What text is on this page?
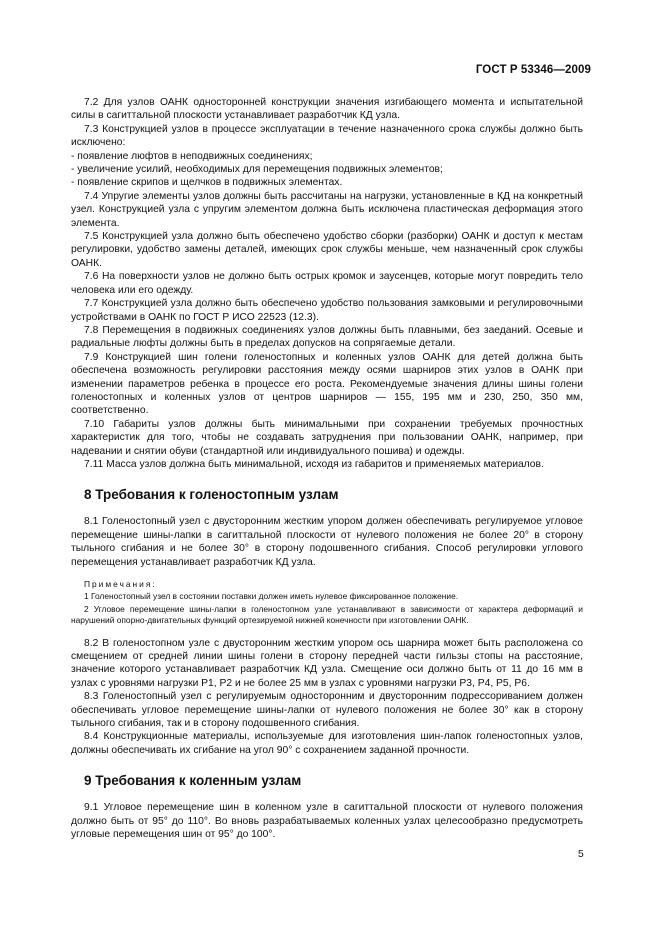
ГОСТ Р 53346—2009

7.2 Для узлов ОАНК односторонней конструкции значения изгибающего момента и испытательной силы в сагиттальной плоскости устанавливает разработчик КД узла.

7.3 Конструкцией узлов в процессе эксплуатации в течение назначенного срока службы должно быть исключено:

- появление люфтов в неподвижных соединениях;

- увеличение усилий, необходимых для перемещения подвижных элементов;

- появление скрипов и щелчков в подвижных элементах.

7.4 Упругие элементы узлов должны быть рассчитаны на нагрузки, установленные в КД на конкретный узел. Конструкцией узла с упругим элементом должна быть исключена пластическая деформация этого элемента.

7.5 Конструкцией узла должно быть обеспечено удобство сборки (разборки) ОАНК и доступ к местам регулировки, удобство замены деталей, имеющих срок службы меньше, чем назначенный срок службы ОАНК.

7.6 На поверхности узлов не должно быть острых кромок и заусенцев, которые могут повредить тело человека или его одежду.

7.7 Конструкцией узла должно быть обеспечено удобство пользования замковыми и регулировочными устройствами в ОАНК по ГОСТ Р ИСО 22523 (12.3).

7.8 Перемещения в подвижных соединениях узлов должны быть плавными, без заеданий. Осевые и радиальные люфты должны быть в пределах допусков на сопрягаемые детали.

7.9 Конструкцией шин голени голеностопных и коленных узлов ОАНК для детей должна быть обеспечена возможность регулировки расстояния между осями шарниров этих узлов в ОАНК при изменении параметров ребенка в процессе его роста. Рекомендуемые значения длины шины голени голеностопных и коленных узлов от центров шарниров — 155, 195 мм и 230, 250, 350 мм, соответственно.

7.10 Габариты узлов должны быть минимальными при сохранении требуемых прочностных характеристик для того, чтобы не создавать затруднения при пользовании ОАНК, например, при надевании и снятии обуви (стандартной или индивидуального пошива) и одежды.

7.11 Масса узлов должна быть минимальной, исходя из габаритов и применяемых материалов.

8 Требования к голеностопным узлам

8.1 Голеностопный узел с двусторонним жестким упором должен обеспечивать регулируемое угловое перемещение шины-лапки в сагиттальной плоскости от нулевого положения не более 20° в сторону тыльного сгибания и не более 30° в сторону подошвенного сгибания. Способ регулировки углового перемещения устанавливает разработчик КД узла.

Примечания:

1 Голеностопный узел в состоянии поставки должен иметь нулевое фиксированное положение.

2 Угловое перемещение шины-лапки в голеностопном узле устанавливают в зависимости от характера деформаций и нарушений опорно-двигательных функций ортезируемой нижней конечности при изготовлении ОАНК.

8.2 В голеностопном узле с двусторонним жестким упором ось шарнира может быть расположена со смещением от средней линии шины голени в сторону передней части гильзы стопы на расстояние, значение которого устанавливает разработчик КД узла. Смещение оси должно быть от 11 до 16 мм в узлах с уровнями нагрузки Р1, Р2 и не более 25 мм в узлах с уровнями нагрузки Р3, Р4, Р5, Р6.

8.3 Голеностопный узел с регулируемым односторонним и двусторонним подрессориванием должен обеспечивать угловое перемещение шины-лапки от нулевого положения не более 30° как в сторону тыльного сгибания, так и в сторону подошвенного сгибания.

8.4 Конструкционные материалы, используемые для изготовления шин-лапок голеностопных узлов, должны обеспечивать их сгибание на угол 90° с сохранением заданной прочности.

9 Требования к коленным узлам

9.1 Угловое перемещение шин в коленном узле в сагиттальной плоскости от нулевого положения должно быть от 95° до 110°. Во вновь разрабатываемых коленных узлах целесообразно предусмотреть угловые перемещения шин от 95° до 100°.

5
